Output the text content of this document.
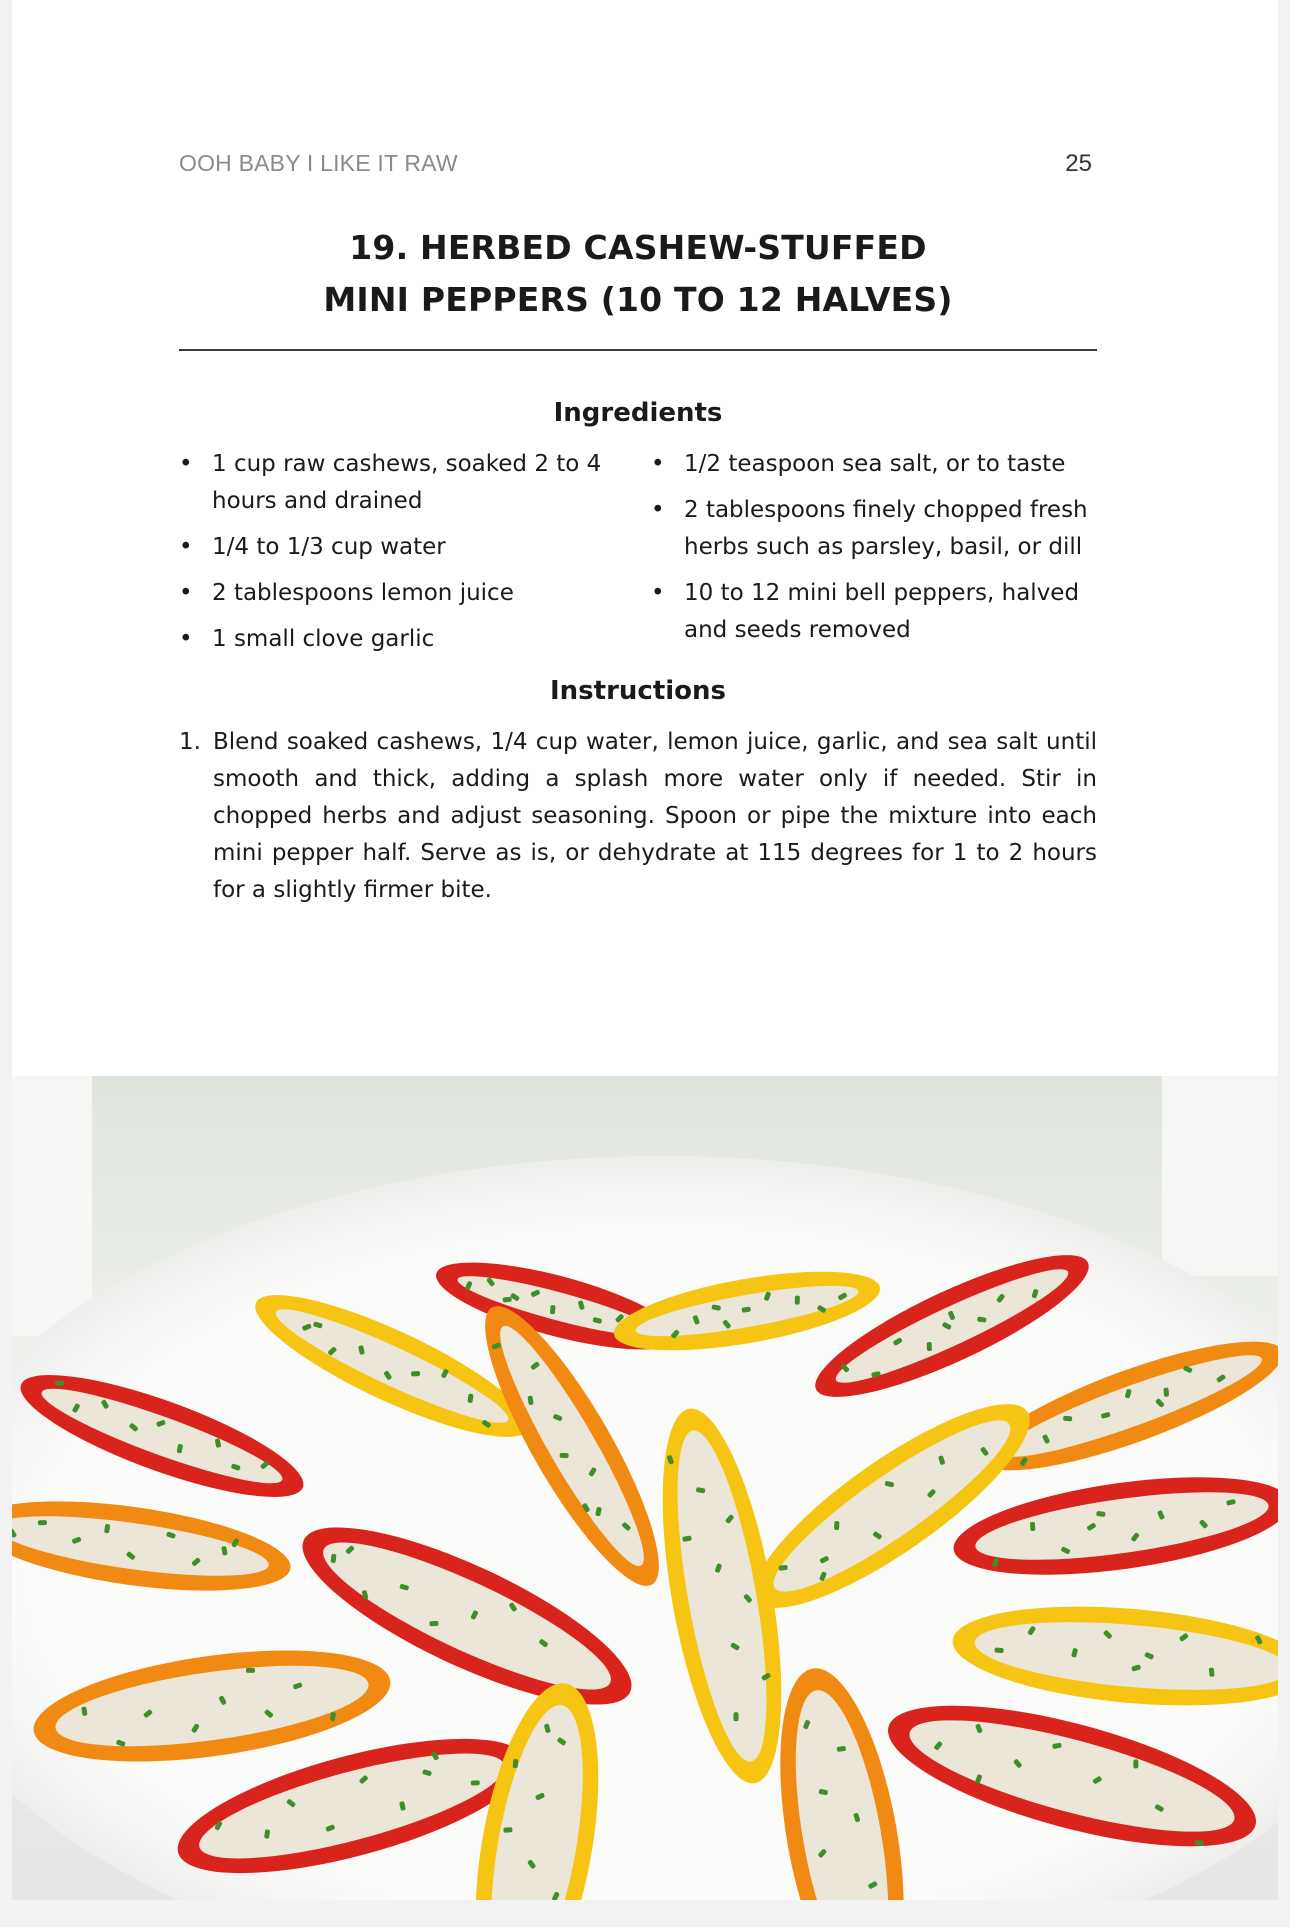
OOH BABY I LIKE IT RAW	25
19. HERBED CASHEW-STUFFED
MINI PEPPERS (10 TO 12 HALVES)
Ingredients
• 1 cup raw cashews, soaked 2 to 4 hours and drained
• 1/4 to 1/3 cup water
• 2 tablespoons lemon juice
• 1 small clove garlic
• 1/2 teaspoon sea salt, or to taste
• 2 tablespoons finely chopped fresh herbs such as parsley, basil, or dill
• 10 to 12 mini bell peppers, halved and seeds removed
Instructions
1. Blend soaked cashews, 1/4 cup water, lemon juice, garlic, and sea salt until smooth and thick, adding a splash more water only if needed. Stir in chopped herbs and adjust seasoning. Spoon or pipe the mixture into each mini pepper half. Serve as is, or dehydrate at 115 degrees for 1 to 2 hours for a slightly firmer bite.
